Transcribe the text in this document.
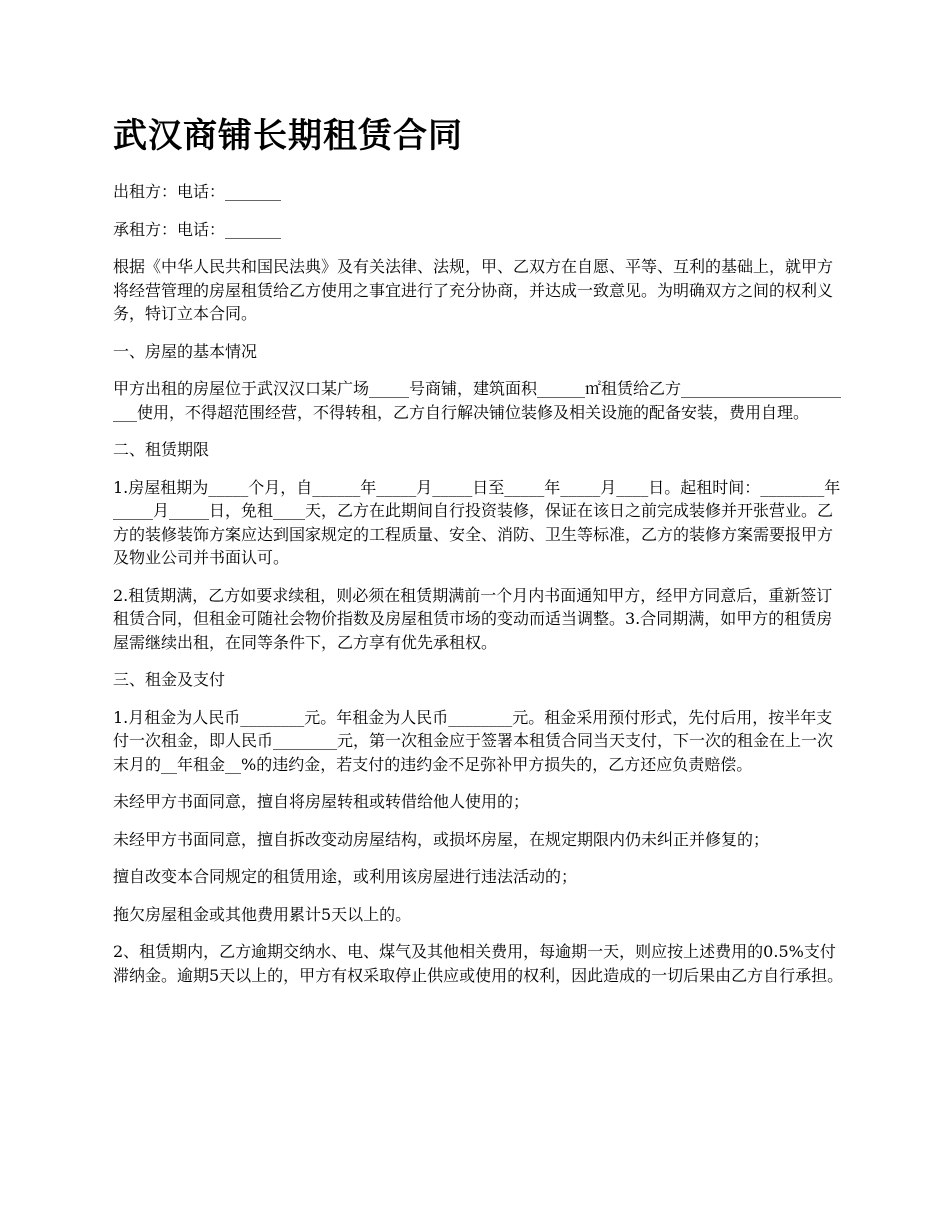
武汉商铺长期租赁合同

出租方：电话：_______

承租方：电话：_______

根据《中华人民共和国民法典》及有关法律、法规，甲、乙双方在自愿、平等、互利的基础上，就甲方将经营管理的房屋租赁给乙方使用之事宜进行了充分协商，并达成一致意见。为明确双方之间的权利义务，特订立本合同。

一、房屋的基本情况

甲方出租的房屋位于武汉汉口某广场_____号商铺，建筑面积______㎡租赁给乙方_______________________使用，不得超范围经营，不得转租，乙方自行解决铺位装修及相关设施的配备安装，费用自理。

二、租赁期限

1.房屋租期为_____个月，自______年_____月_____日至_____年_____月____日。起租时间：________年_____月_____日，免租____天，乙方在此期间自行投资装修，保证在该日之前完成装修并开张营业。乙方的装修装饰方案应达到国家规定的工程质量、安全、消防、卫生等标准，乙方的装修方案需要报甲方及物业公司并书面认可。

2.租赁期满，乙方如要求续租，则必须在租赁期满前一个月内书面通知甲方，经甲方同意后，重新签订租赁合同，但租金可随社会物价指数及房屋租赁市场的变动而适当调整。3.合同期满，如甲方的租赁房屋需继续出租，在同等条件下，乙方享有优先承租权。

三、租金及支付

1.月租金为人民币________元。年租金为人民币________元。租金采用预付形式，先付后用，按半年支付一次租金，即人民币________元，第一次租金应于签署本租赁合同当天支付，下一次的租金在上一次末月的__年租金__%的违约金，若支付的违约金不足弥补甲方损失的，乙方还应负责赔偿。

未经甲方书面同意，擅自将房屋转租或转借给他人使用的；

未经甲方书面同意，擅自拆改变动房屋结构，或损坏房屋，在规定期限内仍未纠正并修复的；

擅自改变本合同规定的租赁用途，或利用该房屋进行违法活动的；

拖欠房屋租金或其他费用累计5天以上的。

2、租赁期内，乙方逾期交纳水、电、煤气及其他相关费用，每逾期一天，则应按上述费用的0.5%支付滞纳金。逾期5天以上的，甲方有权采取停止供应或使用的权利，因此造成的一切后果由乙方自行承担。
